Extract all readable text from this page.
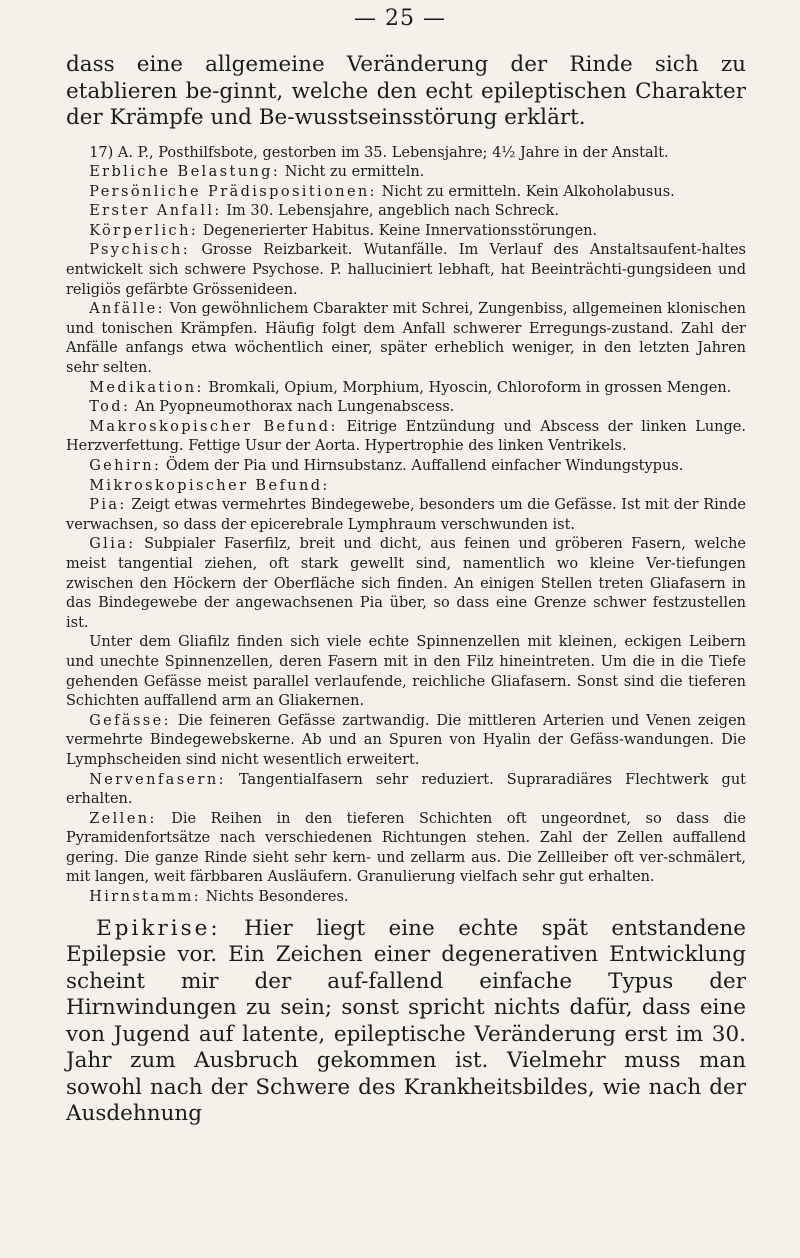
— 25 —

dass eine allgemeine Veränderung der Rinde sich zu etablieren be-ginnt, welche den echt epileptischen Charakter der Krämpfe und Be-wusstseinsstörung erklärt.

17) A. P., Posthilfsbote, gestorben im 35. Lebensjahre; 4½ Jahre in der Anstalt.

Erbliche Belastung: Nicht zu ermitteln.

Persönliche Prädispositionen: Nicht zu ermitteln. Kein Alkoholabusus.

Erster Anfall: Im 30. Lebensjahre, angeblich nach Schreck.

Körperlich: Degenerierter Habitus. Keine Innervationsstörungen.

Psychisch: Grosse Reizbarkeit. Wutanfälle. Im Verlauf des Anstaltsaufent-haltes entwickelt sich schwere Psychose. P. halluciniert lebhaft, hat Beeinträchti-gungsideen und religiös gefärbte Grössenideen.

Anfälle: Von gewöhnlichem Cbarakter mit Schrei, Zungenbiss, allgemeinen klonischen und tonischen Krämpfen. Häufig folgt dem Anfall schwerer Erregungs-zustand. Zahl der Anfälle anfangs etwa wöchentlich einer, später erheblich weniger, in den letzten Jahren sehr selten.

Medikation: Bromkali, Opium, Morphium, Hyoscin, Chloroform in grossen Mengen.

Tod: An Pyopneumothorax nach Lungenabscess.

Makroskopischer Befund: Eitrige Entzündung und Abscess der linken Lunge. Herzverfettung. Fettige Usur der Aorta. Hypertrophie des linken Ventrikels.

Gehirn: Ödem der Pia und Hirnsubstanz. Auffallend einfacher Windungstypus.

Mikroskopischer Befund:

Pia: Zeigt etwas vermehrtes Bindegewebe, besonders um die Gefässe. Ist mit der Rinde verwachsen, so dass der epicerebrale Lymphraum verschwunden ist.

Glia: Subpialer Faserfilz, breit und dicht, aus feinen und gröberen Fasern, welche meist tangential ziehen, oft stark gewellt sind, namentlich wo kleine Ver-tiefungen zwischen den Höckern der Oberfläche sich finden. An einigen Stellen treten Gliafasern in das Bindegewebe der angewachsenen Pia über, so dass eine Grenze schwer festzustellen ist.

Unter dem Gliafilz finden sich viele echte Spinnenzellen mit kleinen, eckigen Leibern und unechte Spinnenzellen, deren Fasern mit in den Filz hineintreten. Um die in die Tiefe gehenden Gefässe meist parallel verlaufende, reichliche Gliafasern. Sonst sind die tieferen Schichten auffallend arm an Gliakernen.

Gefässe: Die feineren Gefässe zartwandig. Die mittleren Arterien und Venen zeigen vermehrte Bindegewebskerne. Ab und an Spuren von Hyalin der Gefäss-wandungen. Die Lymphscheiden sind nicht wesentlich erweitert.

Nervenfasern: Tangentialfasern sehr reduziert. Supraradiäres Flechtwerk gut erhalten.

Zellen: Die Reihen in den tieferen Schichten oft ungeordnet, so dass die Pyramidenfortsätze nach verschiedenen Richtungen stehen. Zahl der Zellen auffallend gering. Die ganze Rinde sieht sehr kern- und zellarm aus. Die Zellleiber oft ver-schmälert, mit langen, weit färbbaren Ausläufern. Granulierung vielfach sehr gut erhalten.

Hirnstamm: Nichts Besonderes.

Epikrise: Hier liegt eine echte spät entstandene Epilepsie vor. Ein Zeichen einer degenerativen Entwicklung scheint mir der auf-fallend einfache Typus der Hirnwindungen zu sein; sonst spricht nichts dafür, dass eine von Jugend auf latente, epileptische Veränderung erst im 30. Jahr zum Ausbruch gekommen ist. Vielmehr muss man sowohl nach der Schwere des Krankheitsbildes, wie nach der Ausdehnung
